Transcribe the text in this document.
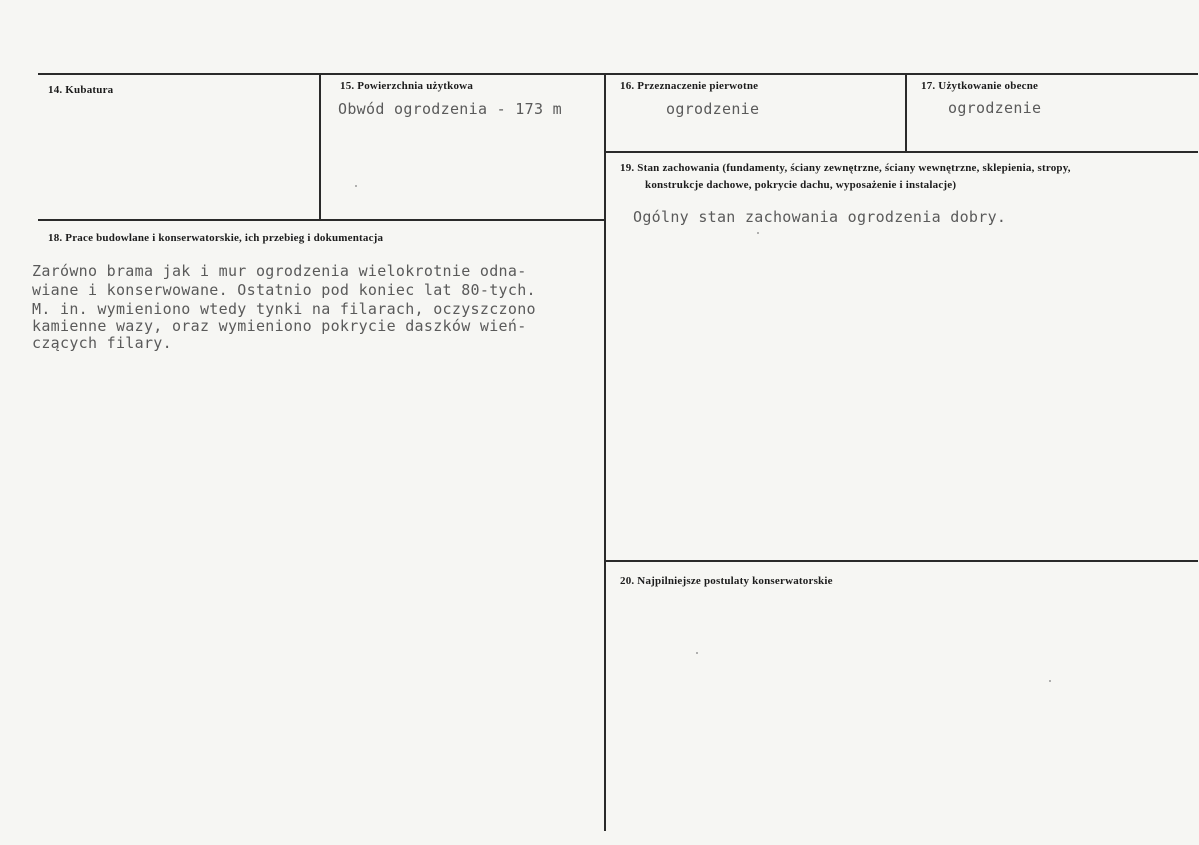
14. Kubatura	15. Powierzchnia użytkowa
Obwód ogrodzenia - 173 m
16. Przeznaczenie pierwotne
ogrodzenie
17. Użytkowanie obecne
ogrodzenie
19. Stan zachowania (fundamenty, ściany zewnętrzne, ściany wewnętrzne, sklepienia, stropy,
konstrukcje dachowe, pokrycie dachu, wyposażenie i instalacje)
Ogólny stan zachowania ogrodzenia dobry.
18. Prace budowlane i konserwatorskie, ich przebieg i dokumentacja
Zarówno brama jak i mur ogrodzenia wielokrotnie odna-
wiane i konserwowane. Ostatnio pod koniec lat 80-tych.
M. in. wymieniono wtedy tynki na filarach, oczyszczono
kamienne wazy, oraz wymieniono pokrycie daszków wień-
czących filary.
20. Najpilniejsze postulaty konserwatorskie
